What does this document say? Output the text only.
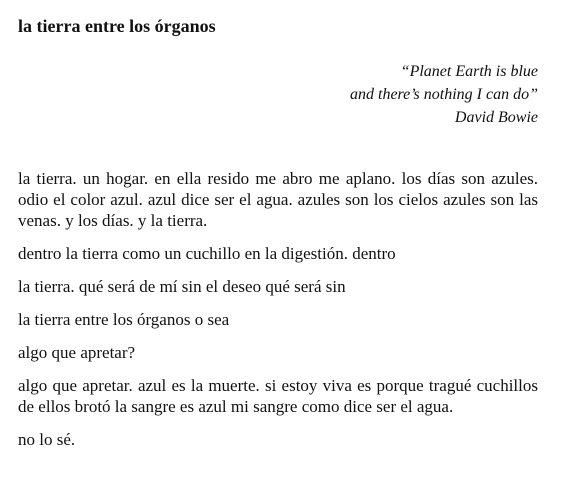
la tierra entre los órganos
“Planet Earth is blue
and there’s nothing I can do”
David Bowie

la tierra. un hogar. en ella resido me abro me aplano. los días son azules. odio el color azul. azul dice ser el agua. azules son los cielos azules son las venas. y los días. y la tierra.

dentro la tierra como un cuchillo en la digestión. dentro

la tierra. qué será de mí sin el deseo qué será sin

la tierra entre los órganos o sea

algo que apretar?

algo que apretar. azul es la muerte. si estoy viva es porque tragué cuchillos de ellos brotó la sangre es azul mi sangre como dice ser el agua.

no lo sé.
